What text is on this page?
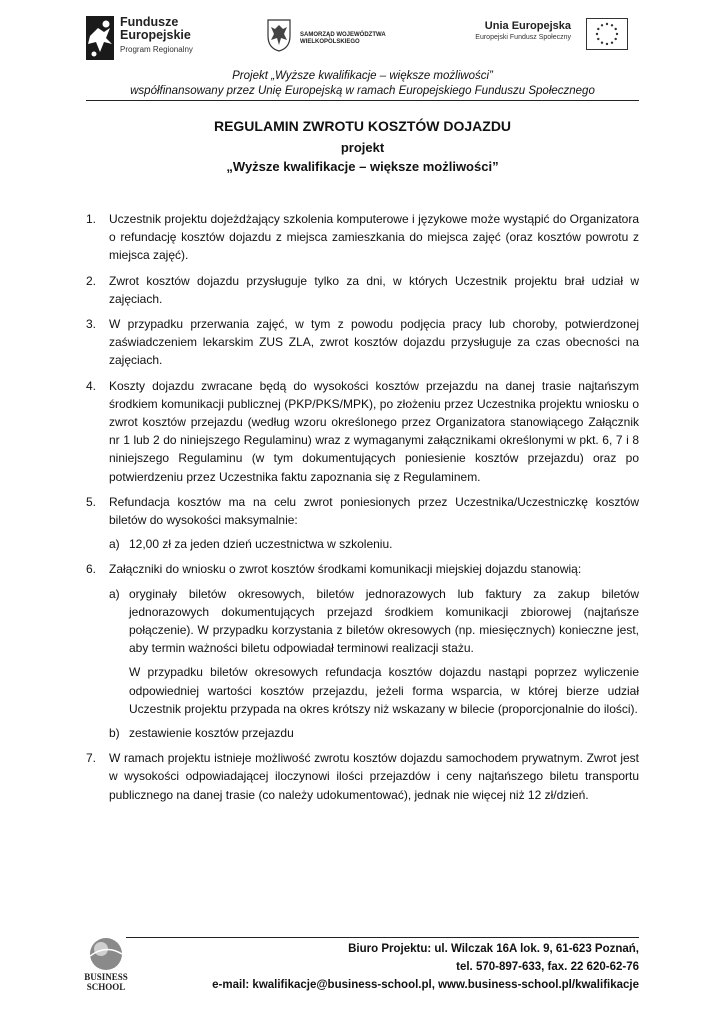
Fundusze Europejskie
Program Regionalny
SAMORZĄD WOJEWÓDZTWA
WIELKOPOLSKIEGO
Unia Europejska
Europejski Fundusz Społeczny
Projekt „Wyższe kwalifikacje – większe możliwości”
współfinansowany przez Unię Europejską w ramach Europejskiego Funduszu Społecznego
REGULAMIN ZWROTU KOSZTÓW DOJAZDU
projekt
„Wyższe kwalifikacje – większe możliwości”
1. Uczestnik projektu dojeżdżający szkolenia komputerowe i językowe może wystąpić do Organizatora o refundację kosztów dojazdu z miejsca zamieszkania do miejsca zajęć (oraz kosztów powrotu z miejsca zajęć).
2. Zwrot kosztów dojazdu przysługuje tylko za dni, w których Uczestnik projektu brał udział w zajęciach.
3. W przypadku przerwania zajęć, w tym z powodu podjęcia pracy lub choroby, potwierdzonej zaświadczeniem lekarskim ZUS ZLA, zwrot kosztów dojazdu przysługuje za czas obecności na zajęciach.
4. Koszty dojazdu zwracane będą do wysokości kosztów przejazdu na danej trasie najtańszym środkiem komunikacji publicznej (PKP/PKS/MPK), po złożeniu przez Uczestnika projektu wniosku o zwrot kosztów przejazdu (według wzoru określonego przez Organizatora stanowiącego Załącznik nr 1 lub 2 do niniejszego Regulaminu) wraz z wymaganymi załącznikami określonymi w pkt. 6, 7 i 8 niniejszego Regulaminu (w tym dokumentujących poniesienie kosztów przejazdu) oraz po potwierdzeniu przez Uczestnika faktu zapoznania się z Regulaminem.
5. Refundacja kosztów ma na celu zwrot poniesionych przez Uczestnika/Uczestniczkę kosztów biletów do wysokości maksymalnie:
a) 12,00 zł za jeden dzień uczestnictwa w szkoleniu.
6. Załączniki do wniosku o zwrot kosztów środkami komunikacji miejskiej dojazdu stanowią:
a) oryginały biletów okresowych, biletów jednorazowych lub faktury za zakup biletów jednorazowych dokumentujących przejazd środkiem komunikacji zbiorowej (najtańsze połączenie). W przypadku korzystania z biletów okresowych (np. miesięcznych) konieczne jest, aby termin ważności biletu odpowiadał terminowi realizacji stażu.
W przypadku biletów okresowych refundacja kosztów dojazdu nastąpi poprzez wyliczenie odpowiedniej wartości kosztów przejazdu, jeżeli forma wsparcia, w której bierze udział Uczestnik projektu przypada na okres krótszy niż wskazany w bilecie (proporcjonalnie do ilości).
b) zestawienie kosztów przejazdu
7. W ramach projektu istnieje możliwość zwrotu kosztów dojazdu samochodem prywatnym. Zwrot jest w wysokości odpowiadającej iloczynowi ilości przejazdów i ceny najtańszego biletu transportu publicznego na danej trasie (co należy udokumentować), jednak nie więcej niż 12 zł/dzień.
BUSINESS
SCHOOL
Biuro Projektu: ul. Wilczak 16A lok. 9, 61-623 Poznań,
tel. 570-897-633, fax. 22 620-62-76
e-mail: kwalifikacje@business-school.pl, www.business-school.pl/kwalifikacje
